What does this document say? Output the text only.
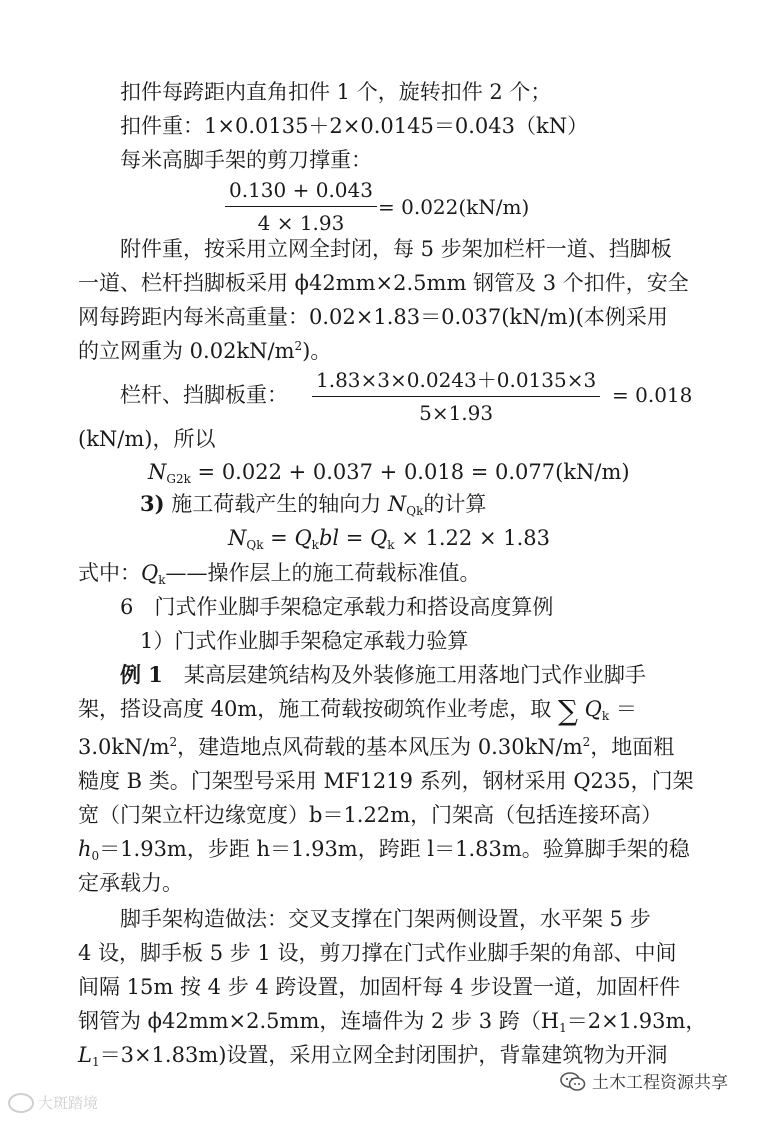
扣件每跨距内直角扣件 1 个，旋转扣件 2 个；
扣件重：1×0.0135＋2×0.0145＝0.043（kN）
每米高脚手架的剪刀撑重：
$\frac{0.130 + 0.043}{4 \times 1.93} = 0.022(kN/m)$
附件重，按采用立网全封闭，每 5 步架加栏杆一道、挡脚板
一道、栏杆挡脚板采用 ϕ42mm×2.5mm 钢管及 3 个扣件，安全
网每跨距内每米高重量：0.02×1.83＝0.037(kN/m)(本例采用
的立网重为 $0.02kN/m^2$)。
栏杆、挡脚板重： $\frac{1.83\times 3\times 0.0243+0.0135\times 3}{5\times 1.93} = 0.018$
(kN/m)，所以
$N_{G2k} = 0.022 + 0.037 + 0.018 = 0.077(kN/m)$
3) 施工荷载产生的轴向力 $N_{Qk}$的计算
$N_{Qk} = Q_kbl = Q_k \times 1.22 \times 1.83$
式中：$Q_k——$操作层上的施工荷载标准值。
6　门式作业脚手架稳定承载力和搭设高度算例
1）门式作业脚手架稳定承载力验算
例 1　某高层建筑结构及外装修施工用落地门式作业脚手
架，搭设高度 40m，施工荷载按砌筑作业考虑，取 ∑ $Q_k$ ＝
$3.0kN/m^2$，建造地点风荷载的基本风压为 $0.30kN/m^2$，地面粗
糙度 B 类。门架型号采用 MF1219 系列，钢材采用 Q235，门架
宽（门架立杆边缘宽度）b＝1.22m，门架高（包括连接环高）
$h_0=1.93m$，步距 h＝1.93m，跨距 l＝1.83m。验算脚手架的稳
定承载力。
脚手架构造做法：交叉支撑在门架两侧设置，水平架 5 步
4 设，脚手板 5 步 1 设，剪刀撑在门式作业脚手架的角部、中间
间隔 15m 按 4 步 4 跨设置，加固杆每 4 步设置一道，加固杆件
钢管为 ϕ42mm×2.5mm，连墙件为 2 步 3 跨（$H_1=2\times 1.93m$，
$L_1=3\times 1.83m$)设置，采用立网全封闭围护，背靠建筑物为开洞
大斑踏境
土木工程资源共享
